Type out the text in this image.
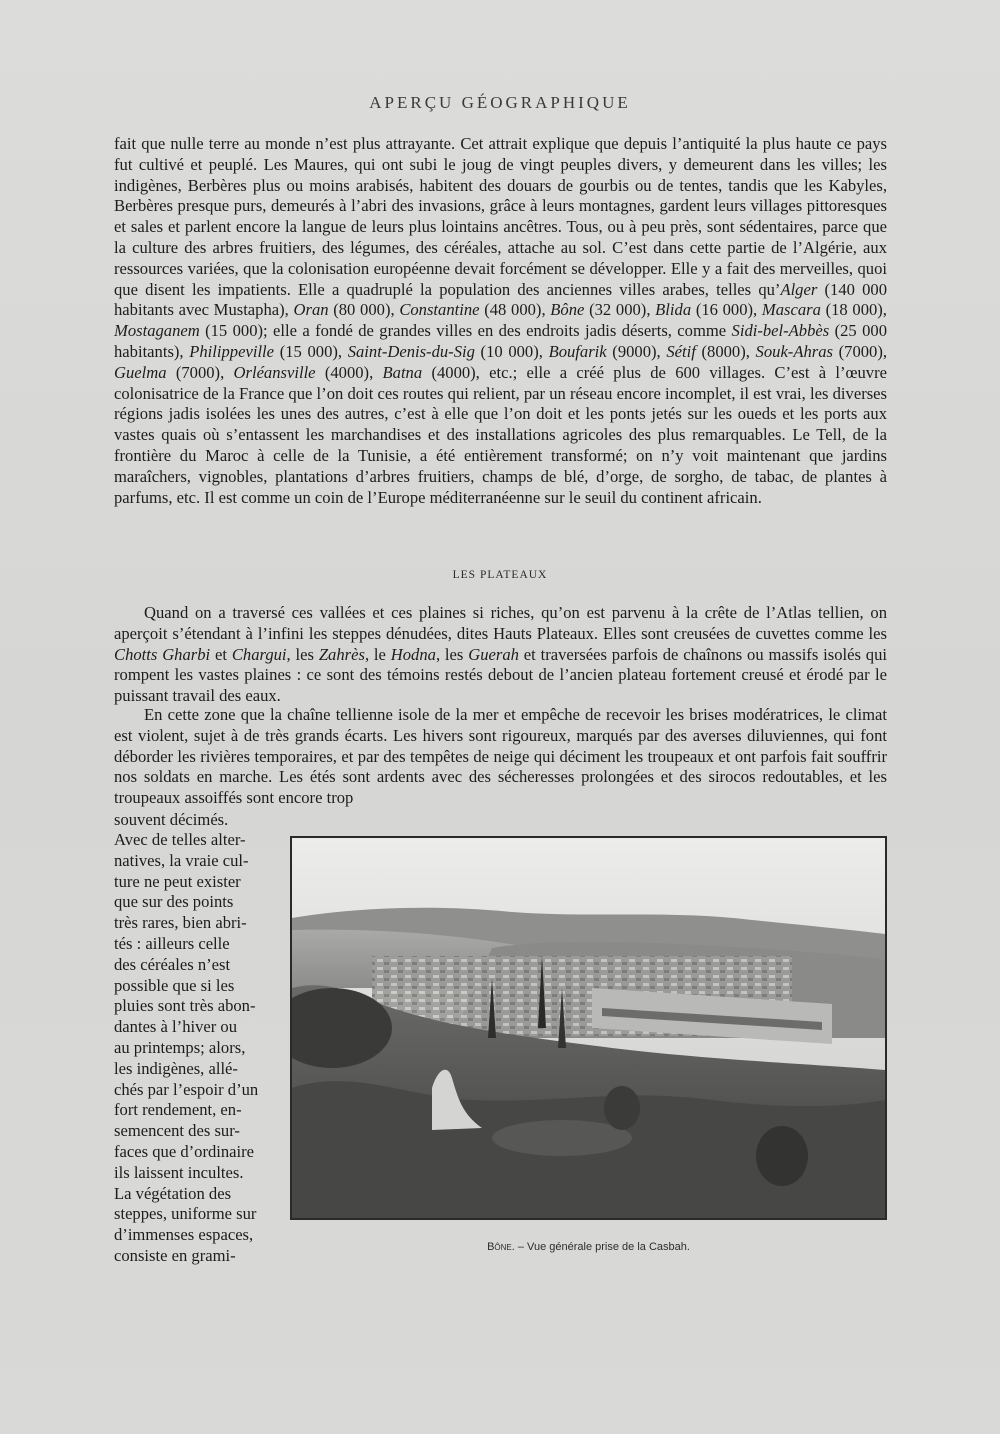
APERÇU GÉOGRAPHIQUE

fait que nulle terre au monde n’est plus attrayante. Cet attrait explique que depuis l’antiquité la plus haute ce pays fut cultivé et peuplé. Les Maures, qui ont subi le joug de vingt peuples divers, y demeurent dans les villes; les indigènes, Berbères plus ou moins arabisés, habitent des douars de gourbis ou de tentes, tandis que les Kabyles, Berbères presque purs, demeurés à l’abri des invasions, grâce à leurs montagnes, gardent leurs villages pittoresques et sales et parlent encore la langue de leurs plus lointains ancêtres. Tous, ou à peu près, sont sédentaires, parce que la culture des arbres fruitiers, des légumes, des céréales, attache au sol. C’est dans cette partie de l’Algérie, aux ressources variées, que la colonisation européenne devait forcément se développer. Elle y a fait des merveilles, quoi que disent les impatients. Elle a quadruplé la population des anciennes villes arabes, telles qu’Alger (140 000 habitants avec Mustapha), Oran (80 000), Constantine (48 000), Bône (32 000), Blida (16 000), Mascara (18 000), Mostaganem (15 000); elle a fondé de grandes villes en des endroits jadis déserts, comme Sidi-bel-Abbès (25 000 habitants), Philippeville (15 000), Saint-Denis-du-Sig (10 000), Boufarik (9000), Sétif (8000), Souk-Ahras (7000), Guelma (7000), Orléansville (4000), Batna (4000), etc.; elle a créé plus de 600 villages. C’est à l’œuvre colonisatrice de la France que l’on doit ces routes qui relient, par un réseau encore incomplet, il est vrai, les diverses régions jadis isolées les unes des autres, c’est à elle que l’on doit et les ponts jetés sur les oueds et les ports aux vastes quais où s’entassent les marchandises et des installations agricoles des plus remarquables. Le Tell, de la frontière du Maroc à celle de la Tunisie, a été entièrement transformé; on n’y voit maintenant que jardins maraîchers, vignobles, plantations d’arbres fruitiers, champs de blé, d’orge, de sorgho, de tabac, de plantes à parfums, etc. Il est comme un coin de l’Europe méditerranéenne sur le seuil du continent africain.

LES PLATEAUX

Quand on a traversé ces vallées et ces plaines si riches, qu’on est parvenu à la crête de l’Atlas tellien, on aperçoit s’étendant à l’infini les steppes dénudées, dites Hauts Plateaux. Elles sont creusées de cuvettes comme les Chotts Gharbi et Chargui, les Zahrès, le Hodna, les Guerah et traversées parfois de chaînons ou massifs isolés qui rompent les vastes plaines : ce sont des témoins restés debout de l’ancien plateau fortement creusé et érodé par le puissant travail des eaux.

En cette zone que la chaîne tellienne isole de la mer et empêche de recevoir les brises modératrices, le climat est violent, sujet à de très grands écarts. Les hivers sont rigoureux, marqués par des averses diluviennes, qui font déborder les rivières temporaires, et par des tempêtes de neige qui déciment les troupeaux et ont parfois fait souffrir nos soldats en marche. Les étés sont ardents avec des sécheresses prolongées et des sirocos redoutables, et les troupeaux assoiffés sont encore trop

souvent décimés.
Avec de telles alter-
natives, la vraie cul-
ture ne peut exister
que sur des points
très rares, bien abri-
tés : ailleurs celle
des céréales n’est
possible que si les
pluies sont très abon-
dantes à l’hiver ou
au printemps; alors,
les indigènes, allé-
chés par l’espoir d’un
fort rendement, en-
semencent des sur-
faces que d’ordinaire
ils laissent incultes.
La végétation des
steppes, uniforme sur
d’immenses espaces,
consiste en grami-	Bône. – Vue générale prise de la Casbah.
